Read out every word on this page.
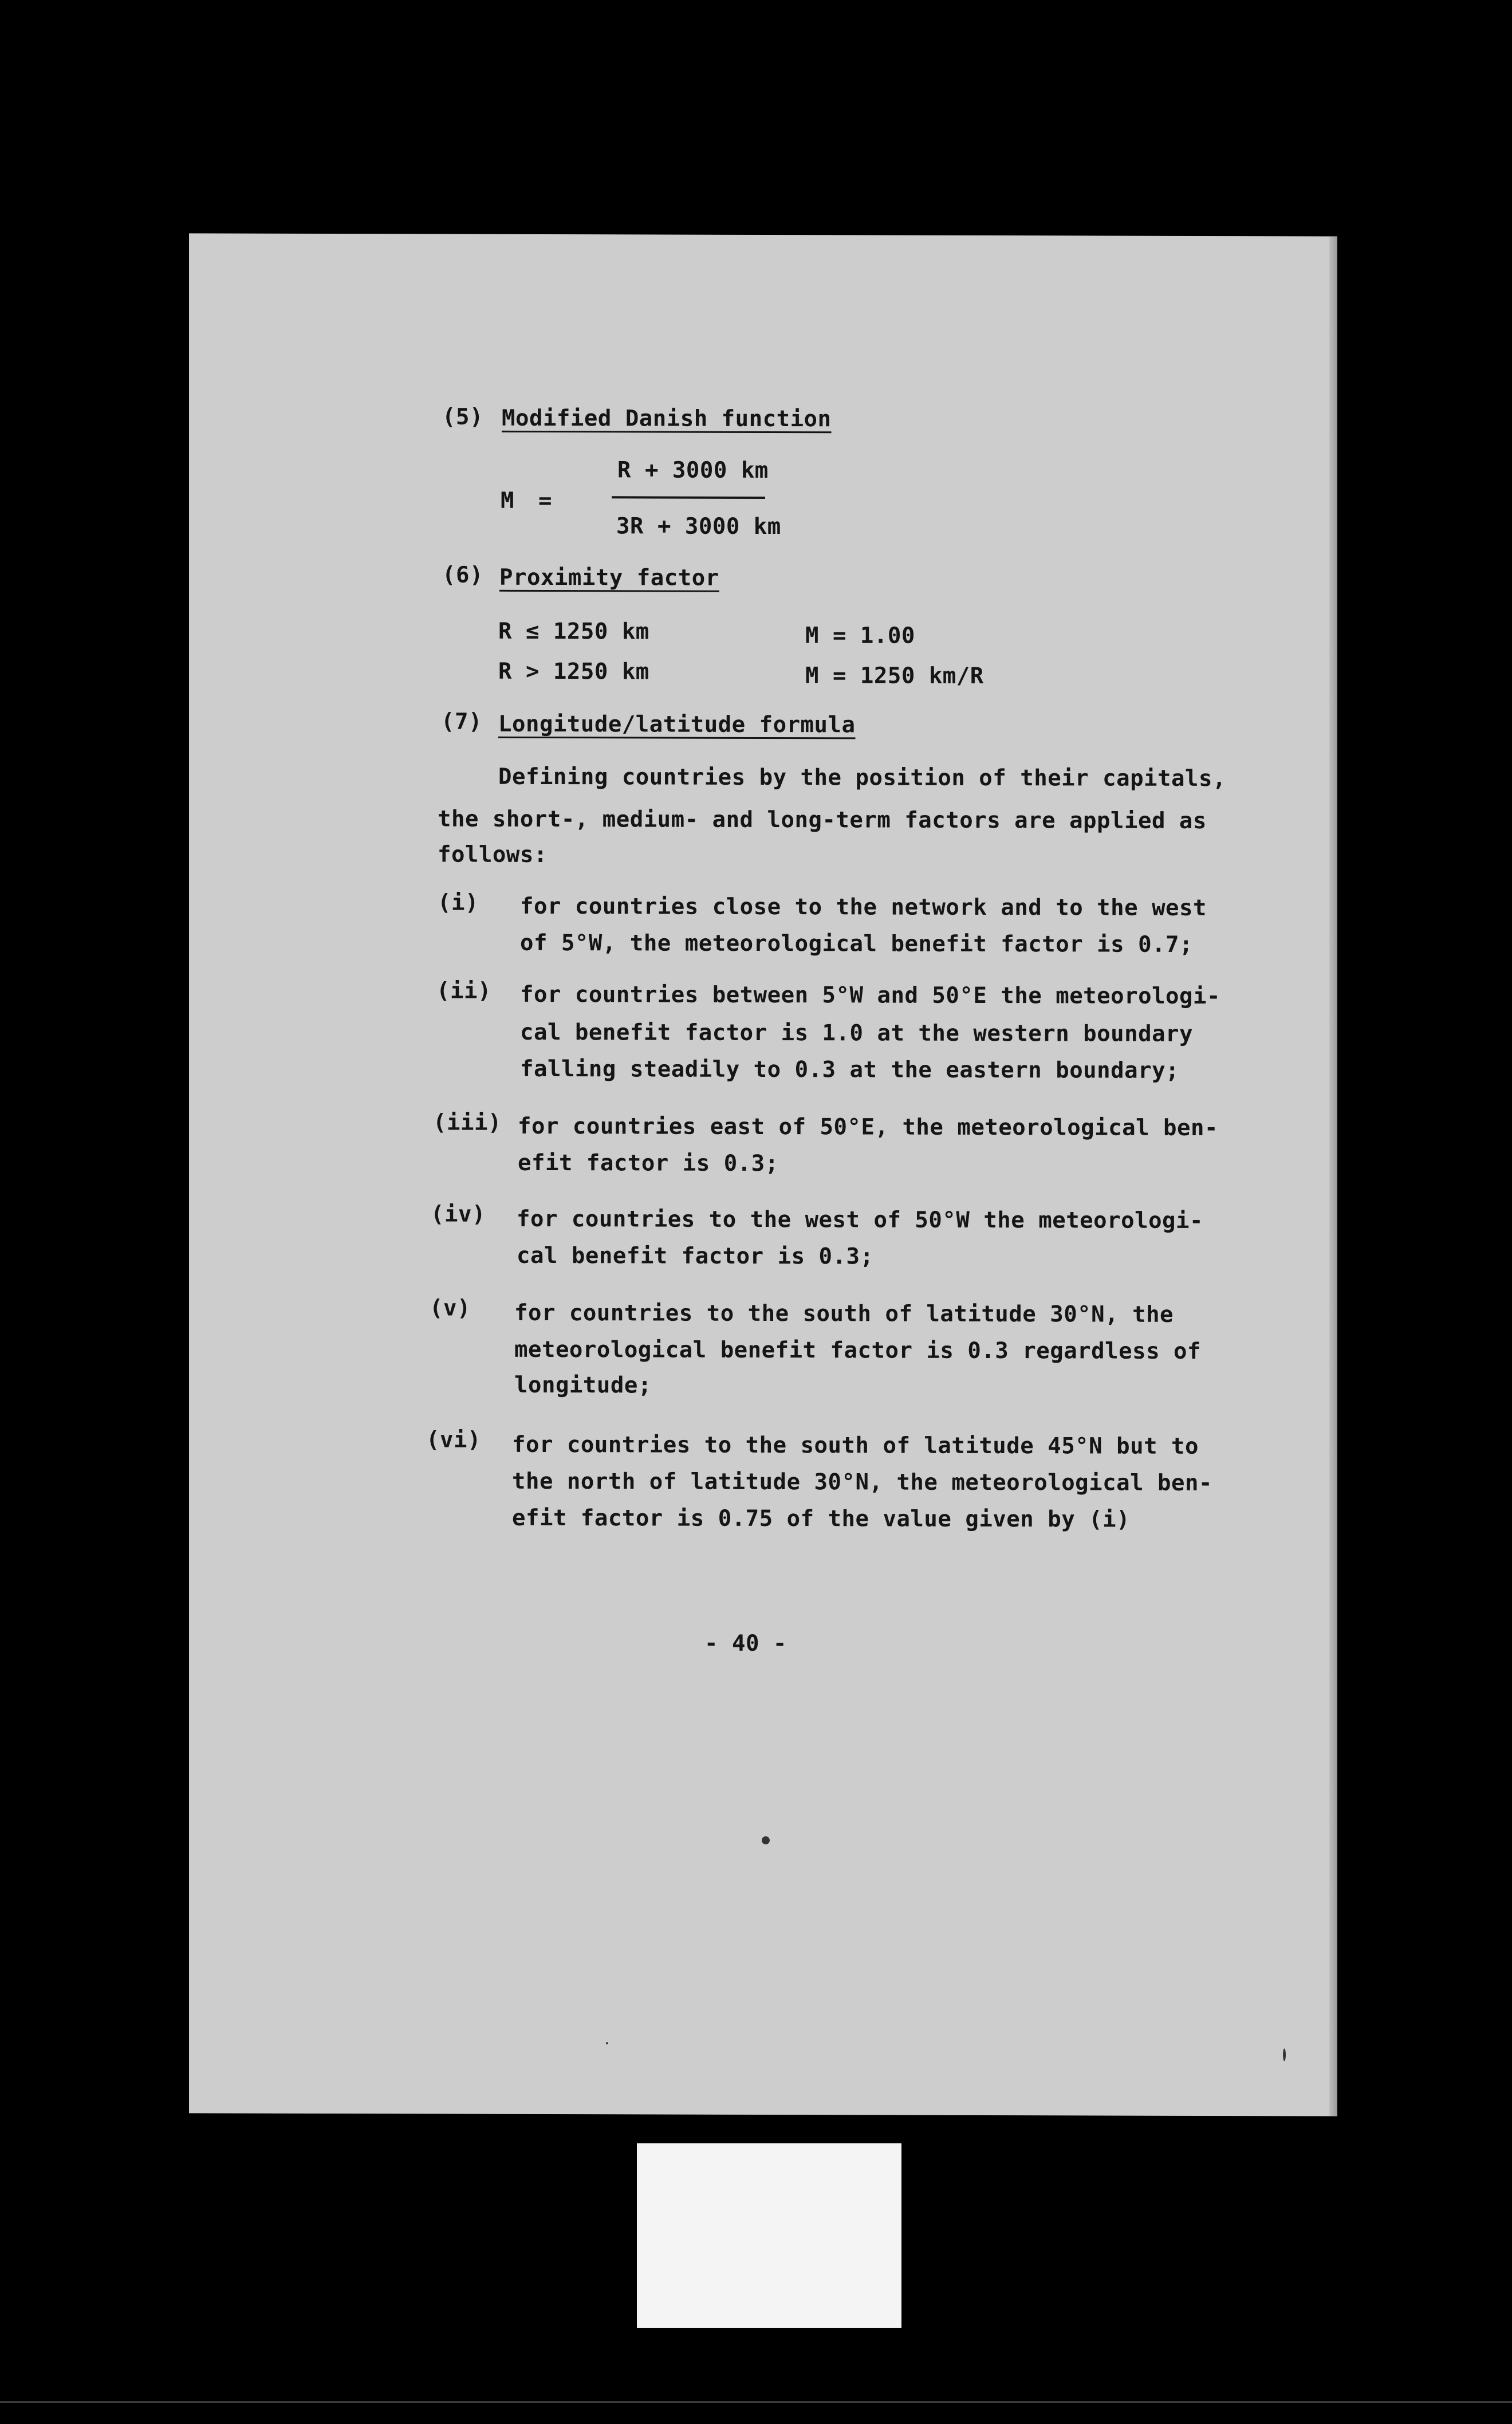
(5) Modified Danish function
R + 3000 km
M =
3R + 3000 km
(6) Proximity factor
R ≤ 1250 km	M = 1.00
R > 1250 km	M = 1250 km/R
(7) Longitude/latitude formula
Defining countries by the position of their capitals,
the short-, medium- and long-term factors are applied as
follows:
(i) for countries close to the network and to the west
of 5°W, the meteorological benefit factor is 0.7;
(ii) for countries between 5°W and 50°E the meteorologi-
cal benefit factor is 1.0 at the western boundary
falling steadily to 0.3 at the eastern boundary;
(iii) for countries east of 50°E, the meteorological ben-
efit factor is 0.3;
(iv) for countries to the west of 50°W the meteorologi-
cal benefit factor is 0.3;
(v) for countries to the south of latitude 30°N, the
meteorological benefit factor is 0.3 regardless of
longitude;
(vi) for countries to the south of latitude 45°N but to
the north of latitude 30°N, the meteorological ben-
efit factor is 0.75 of the value given by (i)
- 40 -
